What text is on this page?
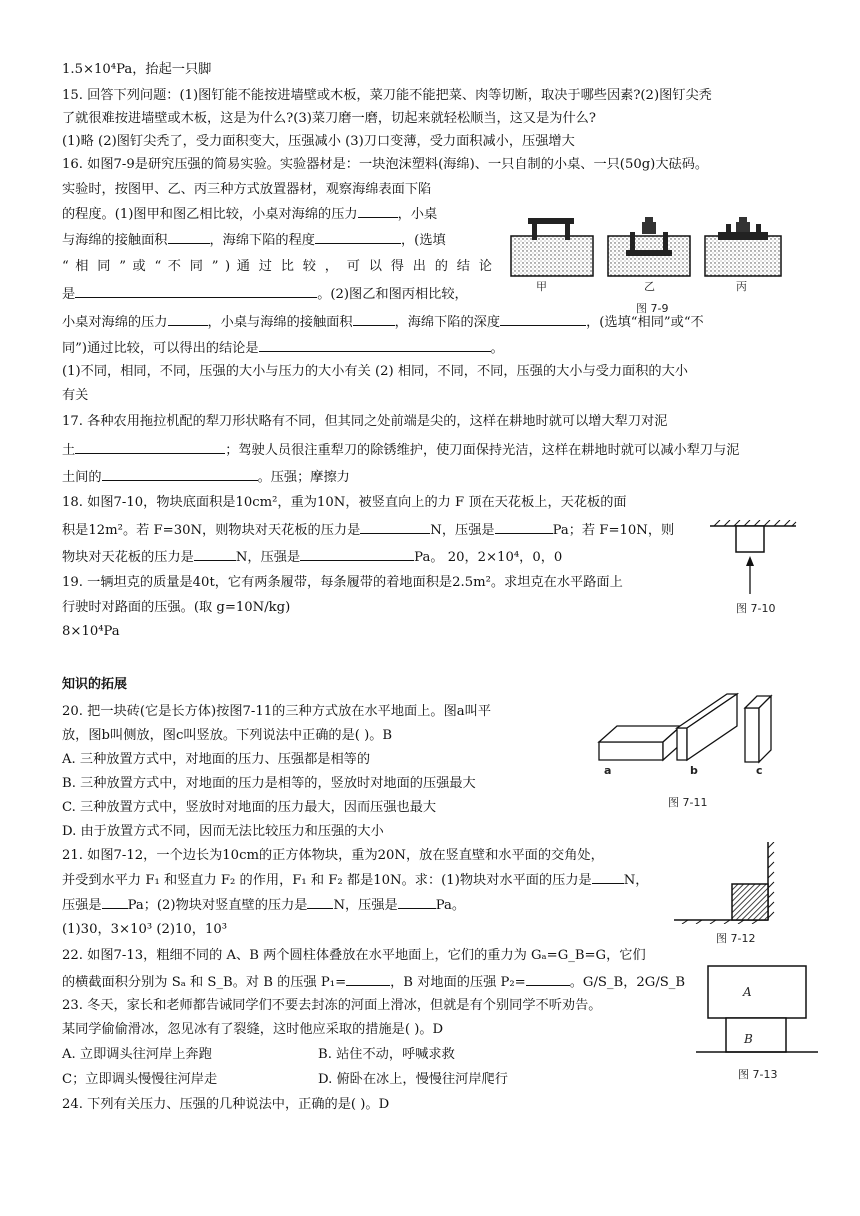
1.5×10⁴Pa，抬起一只脚
15. 回答下列问题：(1)图钉能不能按进墙壁或木板，菜刀能不能把菜、肉等切断，取决于哪些因素?(2)图钉尖秃
了就很难按进墙壁或木板，这是为什么?(3)菜刀磨一磨，切起来就轻松顺当，这又是为什么?
(1)略 (2)图钉尖秃了，受力面积变大，压强减小 (3)刀口变薄，受力面积减小，压强增大
16. 如图7-9是研究压强的简易实验。实验器材是：一块泡沫塑料(海绵)、一只自制的小桌、一只(50g)大砝码。
实验时，按图甲、乙、丙三种方式放置器材，观察海绵表面下陷
的程度。(1)图甲和图乙相比较，小桌对海绵的压力	，小桌
与海绵的接触面积	，海绵下陷的程度	，(选填
“ 相 同 ” 或 “ 不 同 ” ) 通 过 比 较 ， 可 以 得 出 的 结 论
是	。(2)图乙和图丙相比较，
小桌对海绵的压力	，小桌与海绵的接触面积	，海绵下陷的深度	，(选填“相同”或“不
同”)通过比较，可以得出的结论是	。
(1)不同，相同，不同，压强的大小与压力的大小有关 (2) 相同，不同，不同，压强的大小与受力面积的大小
有关
17. 各种农用拖拉机配的犁刀形状略有不同，但其同之处前端是尖的，这样在耕地时就可以增大犁刀对泥
土	；驾驶人员很注重犁刀的除锈维护，使刀面保持光洁，这样在耕地时就可以减小犁刀与泥
土间的	。压强；摩擦力
18. 如图7-10，物块底面积是10cm²，重为10N，被竖直向上的力 F 顶在天花板上，天花板的面
积是12m²。若 F=30N，则物块对天花板的压力是	N，压强是	Pa；若 F=10N，则
物块对天花板的压力是	N，压强是	Pa。 20，2×10⁴，0，0
19. 一辆坦克的质量是40t，它有两条履带，每条履带的着地面积是2.5m²。求坦克在水平路面上
行驶时对路面的压强。(取 g=10N/kg)
8×10⁴Pa
知识的拓展
20. 把一块砖(它是长方体)按图7-11的三种方式放在水平地面上。图a叫平
放，图b叫侧放，图c叫竖放。下列说法中正确的是( )。B
A. 三种放置方式中，对地面的压力、压强都是相等的
B. 三种放置方式中，对地面的压力是相等的，竖放时对地面的压强最大
C. 三种放置方式中，竖放时对地面的压力最大，因而压强也最大
D. 由于放置方式不同，因而无法比较压力和压强的大小
21. 如图7-12，一个边长为10cm的正方体物块，重为20N，放在竖直壁和水平面的交角处，
并受到水平力 F₁ 和竖直力 F₂ 的作用，F₁ 和 F₂ 都是10N。求：(1)物块对水平面的压力是 N，
压强是 Pa；(2)物块对竖直壁的压力是 N，压强是	Pa。
(1)30，3×10³ (2)10，10³
22. 如图7-13，粗细不同的 A、B 两个圆柱体叠放在水平地面上，它们的重力为 Gₐ=G_B=G，它们
的横截面积分别为 Sₐ 和 S_B。对 B 的压强 P₁=	，B 对地面的压强 P₂=	。G/S_B，2G/S_B
23. 冬天，家长和老师都告诫同学们不要去封冻的河面上滑冰，但就是有个别同学不听劝告。
某同学偷偷滑冰，忽见冰有了裂缝，这时他应采取的措施是( )。D
A. 立即调头往河岸上奔跑	B. 站住不动，呼喊求救
C；立即调头慢慢往河岸走	D. 俯卧在冰上，慢慢往河岸爬行
24. 下列有关压力、压强的几种说法中，正确的是( )。D
甲	乙	丙
图 7-9
图 7-10
a	b	c
图 7-11
图 7-12
A
B
图 7-13
